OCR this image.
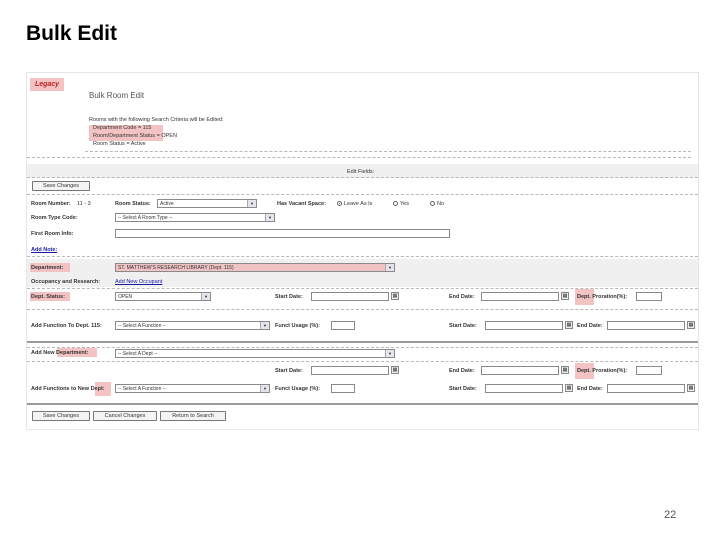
Bulk Edit
Legacy
Bulk Room Edit
Rooms with the following Search Criteria will be Edited:
Department Code = 115
Room/Department Status = OPEN
Room Status = Active
Edit Fields:
Save Changes
Room Number: 11 - 3	Room Status:	Active	▼	Has Vacant Space:	Leave As Is	Yes	No
Room Type Code:	-- Select A Room Type --	▼
First Room Info:
Add Note:
Department:	ST. MATTHEW'S RESEARCH LIBRARY (Dept. 115)	▼
Occupancy and Research:	Add New Occupant
Dept. Status:	OPEN	▼	Start Date:	▦	End Date:	▦ Dept. Proration(%):
Add Function To Dept. 115:	-- Select A Function --	▼	Funct Usage (%):	Start Date:	▦ End Date:	▦
Add New Department:	-- Select A Dept --	▼
Start Date:	▦	End Date:	▦ Dept. Proration(%):
Add Functions to New Dept:	-- Select A Function --	▼	Funct Usage (%):	Start Date:	▦ End Date:	▦
Save Changes	Cancel Changes	Return to Search
22
